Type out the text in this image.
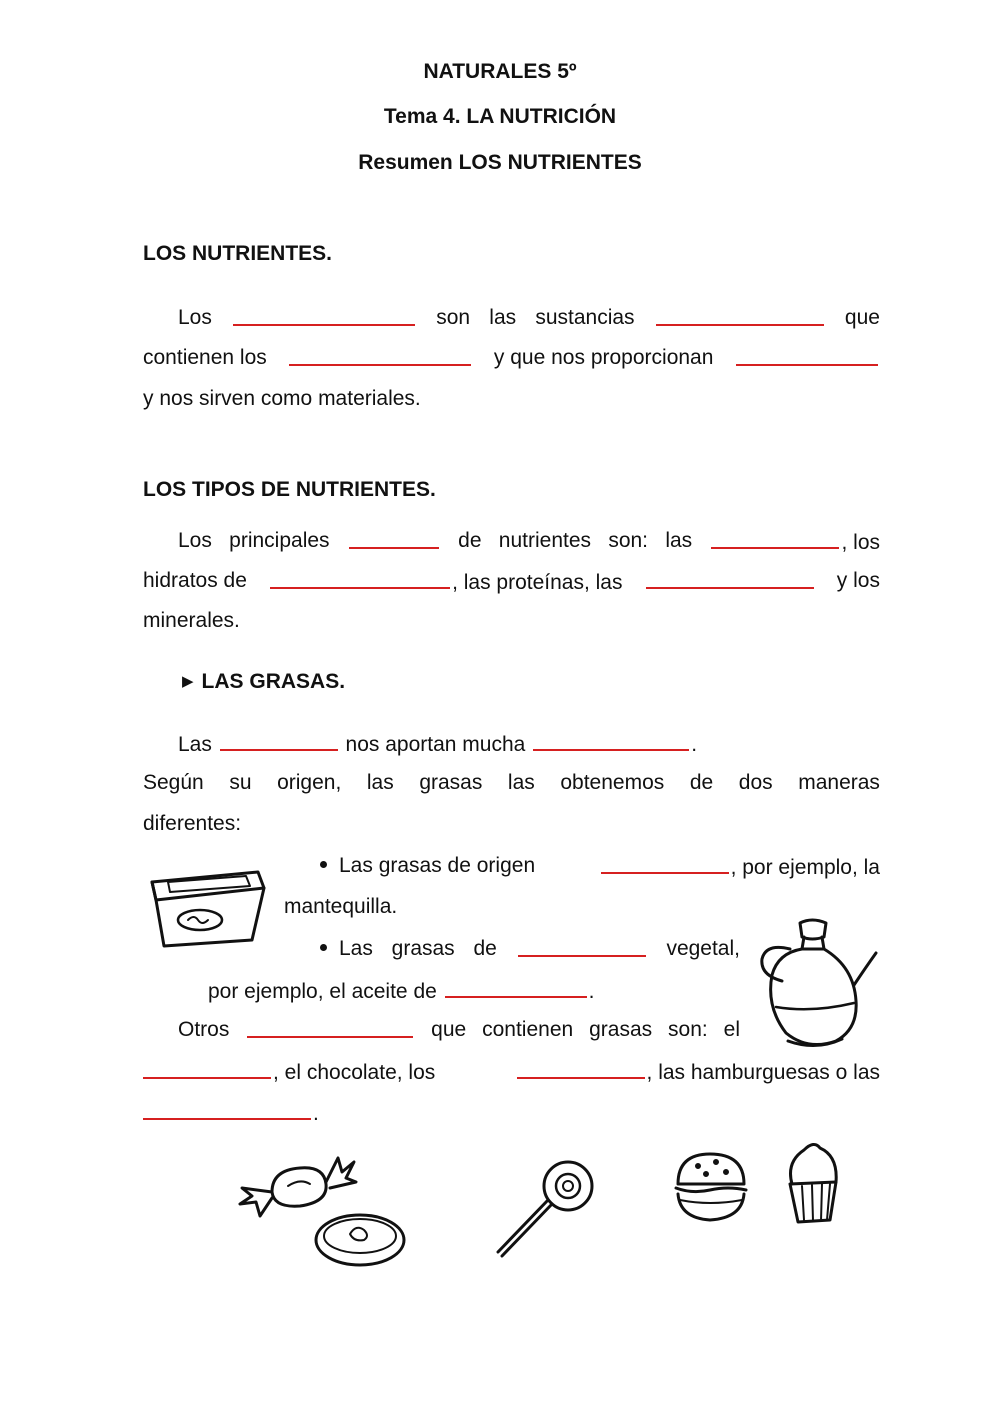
NATURALES 5º
Tema 4. LA NUTRICIÓN
Resumen LOS NUTRIENTES
LOS NUTRIENTES.
Los	son las sustancias	que
contienen los	y que nos proporcionan
y nos sirven como materiales.
LOS TIPOS DE NUTRIENTES.
Los principales	de nutrientes son: las	, los
hidratos de	, las proteínas, las	y los
minerales.
▶ LAS GRASAS.
Las	nos aportan mucha	.
Según su origen, las grasas las obtenemos de dos maneras
diferentes:
Las grasas de origen	, por ejemplo, la
mantequilla.
Las grasas de	vegetal,
por ejemplo, el aceite de	.
Otros	que contienen grasas son: el
, el chocolate, los	, las hamburguesas o las
.
